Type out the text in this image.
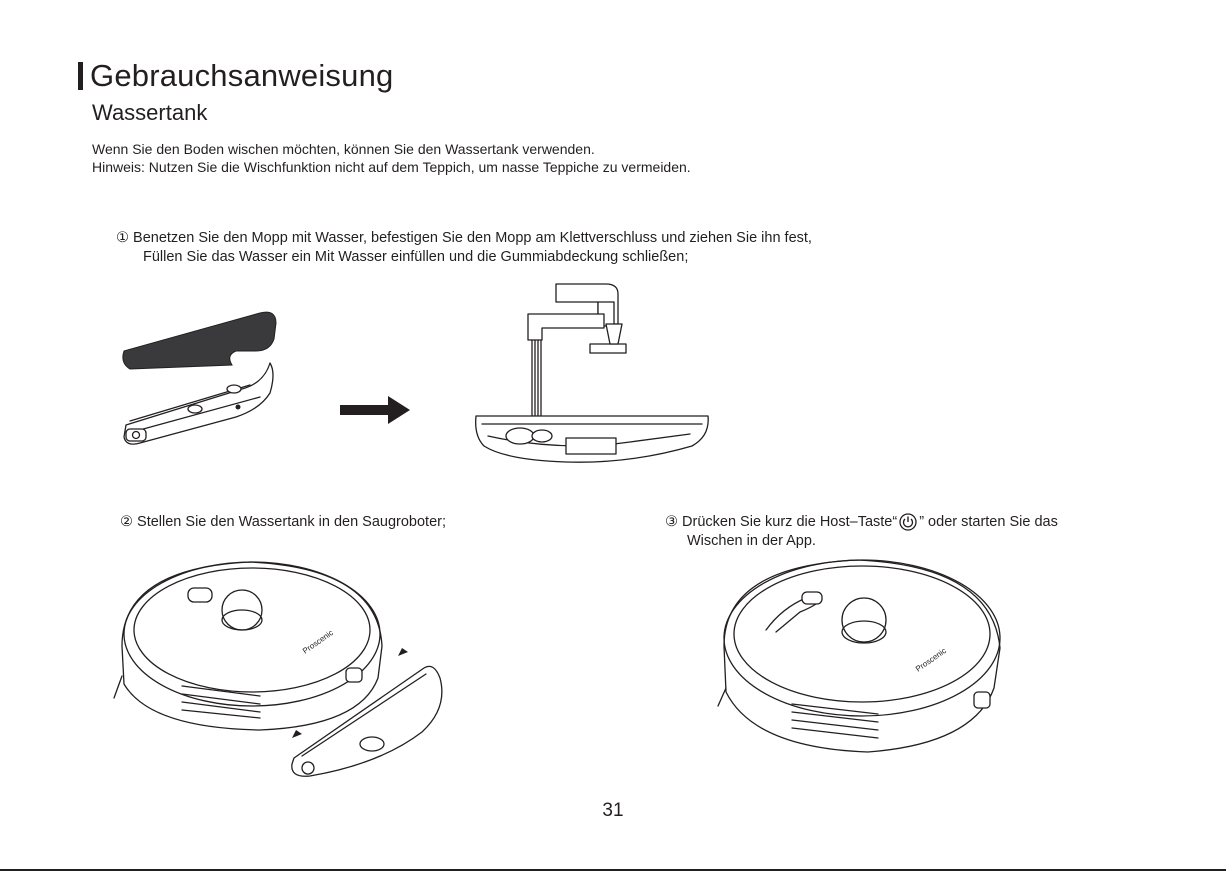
Gebrauchsanweisung
Wassertank
Wenn Sie den Boden wischen möchten, können Sie den Wassertank verwenden.
Hinweis: Nutzen Sie die Wischfunktion nicht auf dem Teppich, um nasse Teppiche zu vermeiden.
① Benetzen Sie den Mopp mit Wasser, befestigen Sie den Mopp am Klettverschluss und ziehen Sie ihn fest,
Füllen Sie das Wasser ein Mit Wasser einfüllen und die Gummiabdeckung schließen;
② Stellen Sie den Wassertank in den Saugroboter;	③ Drücken Sie kurz die Host–Taste“ ” oder starten Sie das
Wischen in der App.
Proscenic
Proscenic
31
